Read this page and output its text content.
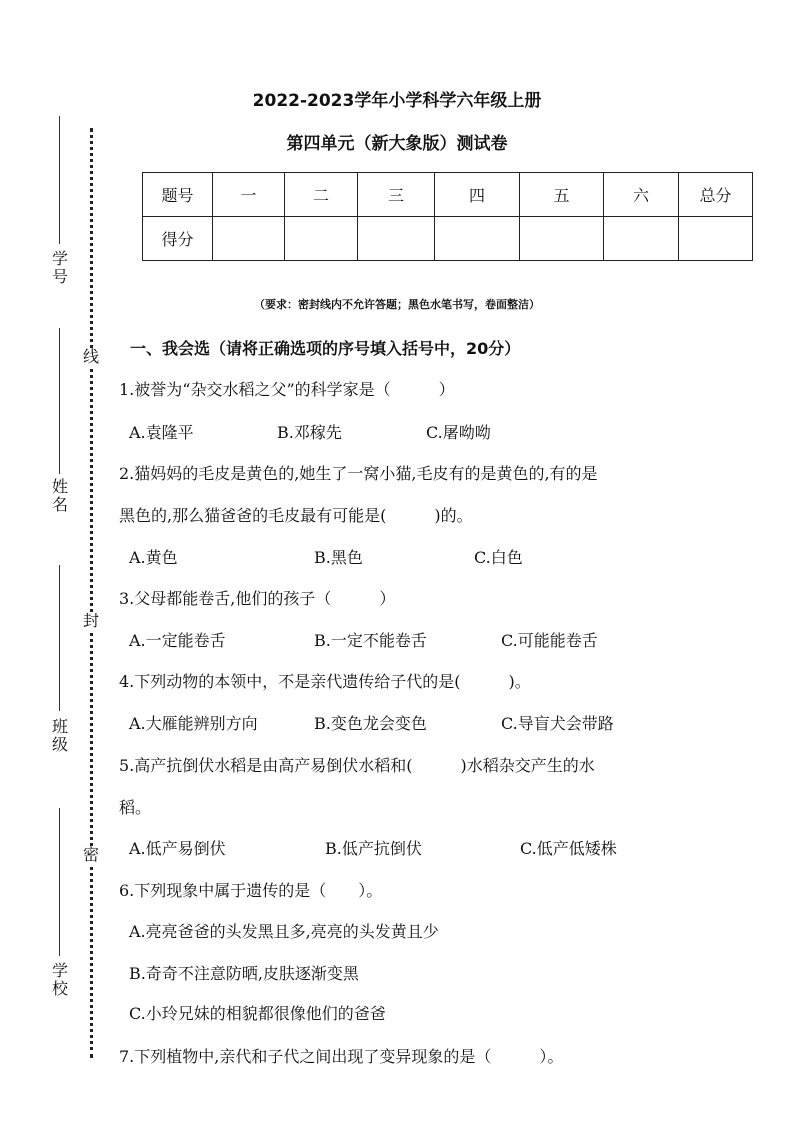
学号
姓名
班级
学校
线
封
密
2022-2023学年小学科学六年级上册
第四单元（新大象版）测试卷
题号	一	二	三	四	五	六	总分
得分							
（要求：密封线内不允许答题；黑色水笔书写，卷面整洁）
一、我会选（请将正确选项的序号填入括号中，20分）
1.被誉为“杂交水稻之父”的科学家是（　　　）
A.袁隆平	B.邓稼先	C.屠呦呦
2.猫妈妈的毛皮是黄色的,她生了一窝小猫,毛皮有的是黄色的,有的是
黑色的,那么猫爸爸的毛皮最有可能是(　　　)的。
A.黄色	B.黑色	C.白色
3.父母都能卷舌,他们的孩子（　　　）
A.一定能卷舌	B.一定不能卷舌	C.可能能卷舌
4.下列动物的本领中，不是亲代遗传给子代的是(　　　)。
A.大雁能辨别方向	B.变色龙会变色	C.导盲犬会带路
5.高产抗倒伏水稻是由高产易倒伏水稻和(　　　)水稻杂交产生的水
稻。
A.低产易倒伏	B.低产抗倒伏	C.低产低矮株
6.下列现象中属于遗传的是（　　）。
A.亮亮爸爸的头发黑且多,亮亮的头发黄且少
B.奇奇不注意防晒,皮肤逐渐变黑
C.小玲兄妹的相貌都很像他们的爸爸
7.下列植物中,亲代和子代之间出现了变异现象的是（　　　）。
